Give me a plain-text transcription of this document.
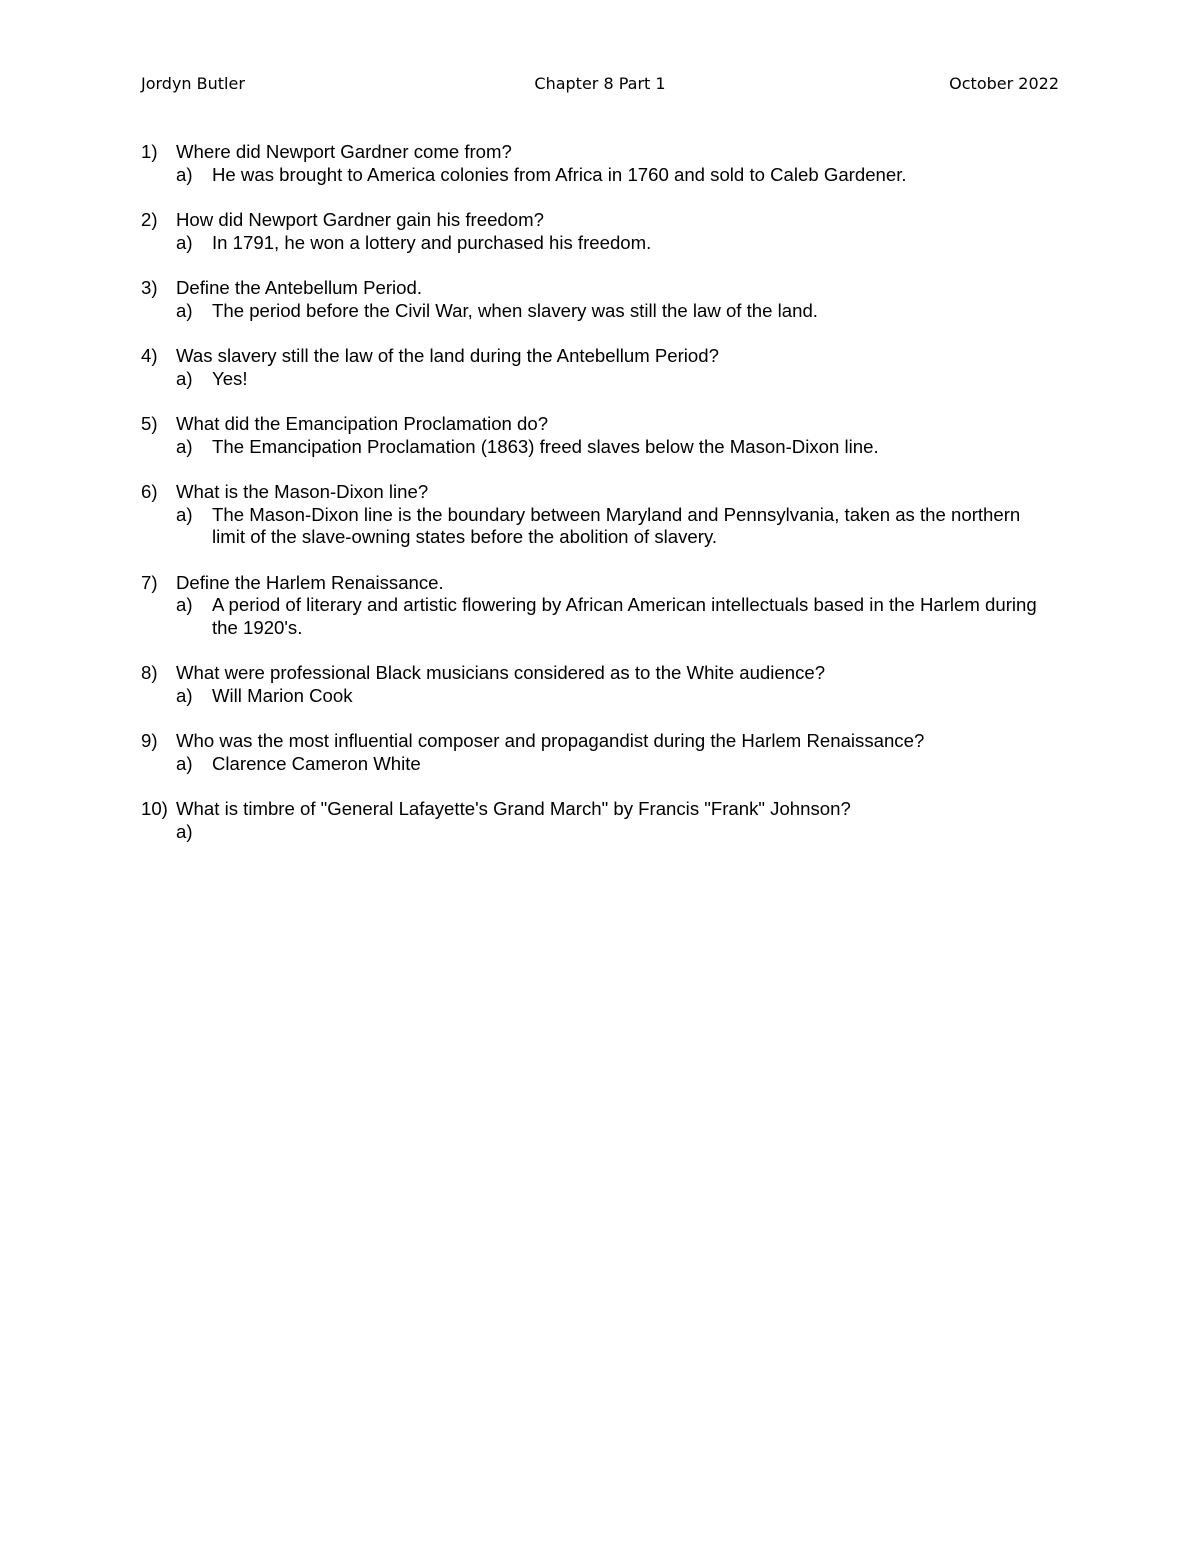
Jordyn Butler	Chapter 8 Part 1	October 2022
1) Where did Newport Gardner come from?
a) He was brought to America colonies from Africa in 1760 and sold to Caleb Gardener.
2) How did Newport Gardner gain his freedom?
a) In 1791, he won a lottery and purchased his freedom.
3) Define the Antebellum Period.
a) The period before the Civil War, when slavery was still the law of the land.
4) Was slavery still the law of the land during the Antebellum Period?
a) Yes!
5) What did the Emancipation Proclamation do?
a) The Emancipation Proclamation (1863) freed slaves below the Mason-Dixon line.
6) What is the Mason-Dixon line?
a) The Mason-Dixon line is the boundary between Maryland and Pennsylvania, taken as the northern limit of the slave-owning states before the abolition of slavery.
7) Define the Harlem Renaissance.
a) A period of literary and artistic flowering by African American intellectuals based in the Harlem during the 1920's.
8) What were professional Black musicians considered as to the White audience?
a) Will Marion Cook
9) Who was the most influential composer and propagandist during the Harlem Renaissance?
a) Clarence Cameron White
10) What is timbre of "General Lafayette's Grand March" by Francis "Frank" Johnson?
a)
